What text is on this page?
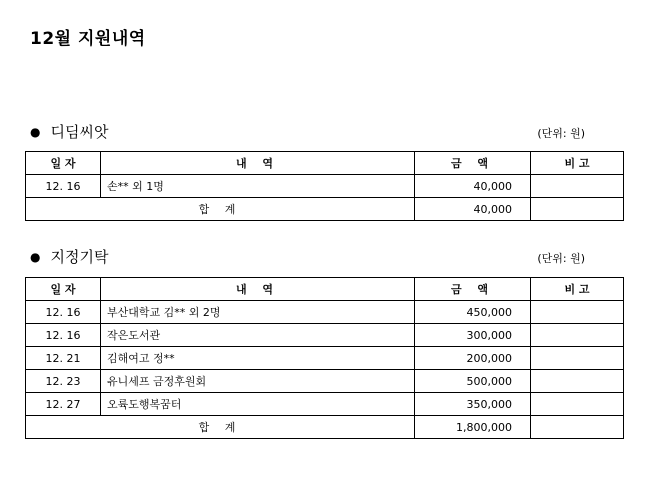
12월 지원내역
● 디딤씨앗	(단위: 원)
일 자	내 역	금 액	비 고
12. 16	손** 외 1명	40,000	
합 계		40,000	
● 지정기탁	(단위: 원)
일 자	내 역	금 액	비 고
12. 16	부산대학교 김** 외 2명	450,000	
12. 16	작은도서관	300,000	
12. 21	김해여고 정**	200,000	
12. 23	유니세프 금정후원회	500,000	
12. 27	오륙도행복꿈터	350,000	
합 계		1,800,000	
